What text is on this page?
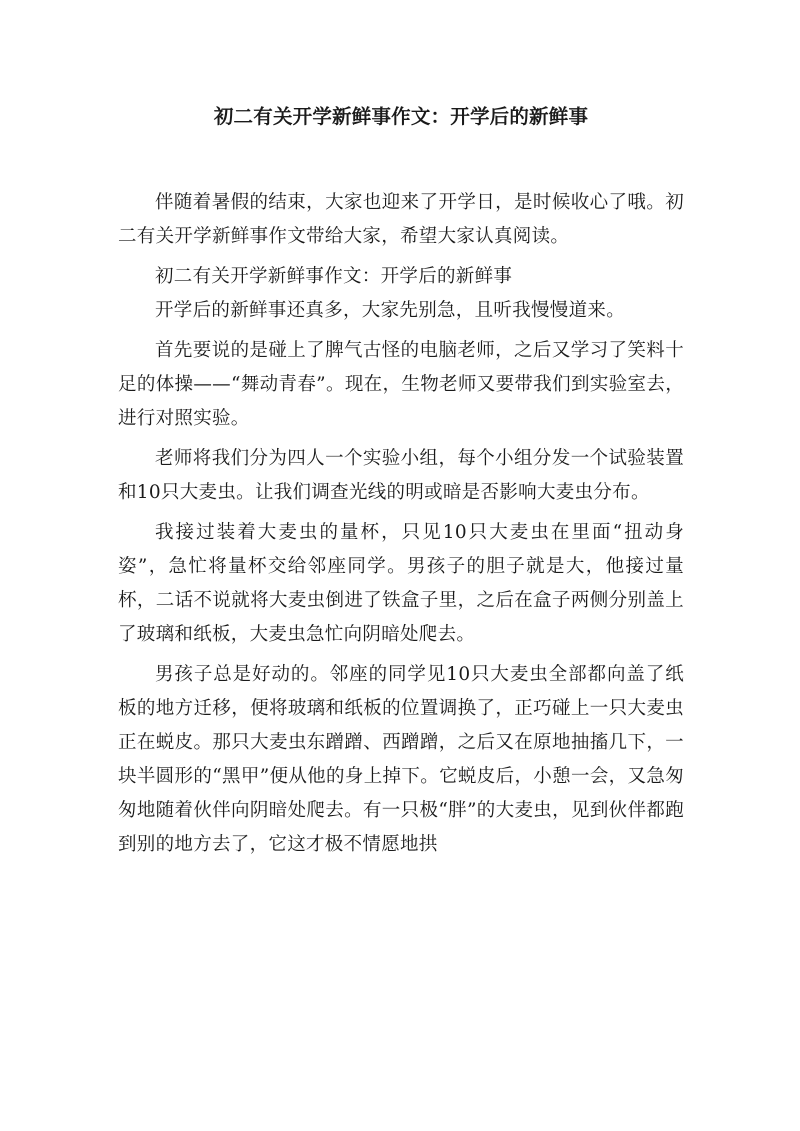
初二有关开学新鲜事作文：开学后的新鲜事

伴随着暑假的结束，大家也迎来了开学日，是时候收心了哦。初二有关开学新鲜事作文带给大家，希望大家认真阅读。

初二有关开学新鲜事作文：开学后的新鲜事

开学后的新鲜事还真多，大家先别急，且听我慢慢道来。

首先要说的是碰上了脾气古怪的电脑老师，之后又学习了笑料十足的体操——“舞动青春”。现在，生物老师又要带我们到实验室去，进行对照实验。

老师将我们分为四人一个实验小组，每个小组分发一个试验装置和10只大麦虫。让我们调查光线的明或暗是否影响大麦虫分布。

我接过装着大麦虫的量杯，只见10只大麦虫在里面“扭动身姿”，急忙将量杯交给邻座同学。男孩子的胆子就是大，他接过量杯，二话不说就将大麦虫倒进了铁盒子里，之后在盒子两侧分别盖上了玻璃和纸板，大麦虫急忙向阴暗处爬去。

男孩子总是好动的。邻座的同学见10只大麦虫全部都向盖了纸板的地方迁移，便将玻璃和纸板的位置调换了，正巧碰上一只大麦虫正在蜕皮。那只大麦虫东蹭蹭、西蹭蹭，之后又在原地抽搐几下，一块半圆形的“黑甲”便从他的身上掉下。它蜕皮后，小憩一会，又急匆匆地随着伙伴向阴暗处爬去。有一只极“胖”的大麦虫，见到伙伴都跑到别的地方去了，它这才极不情愿地拱
